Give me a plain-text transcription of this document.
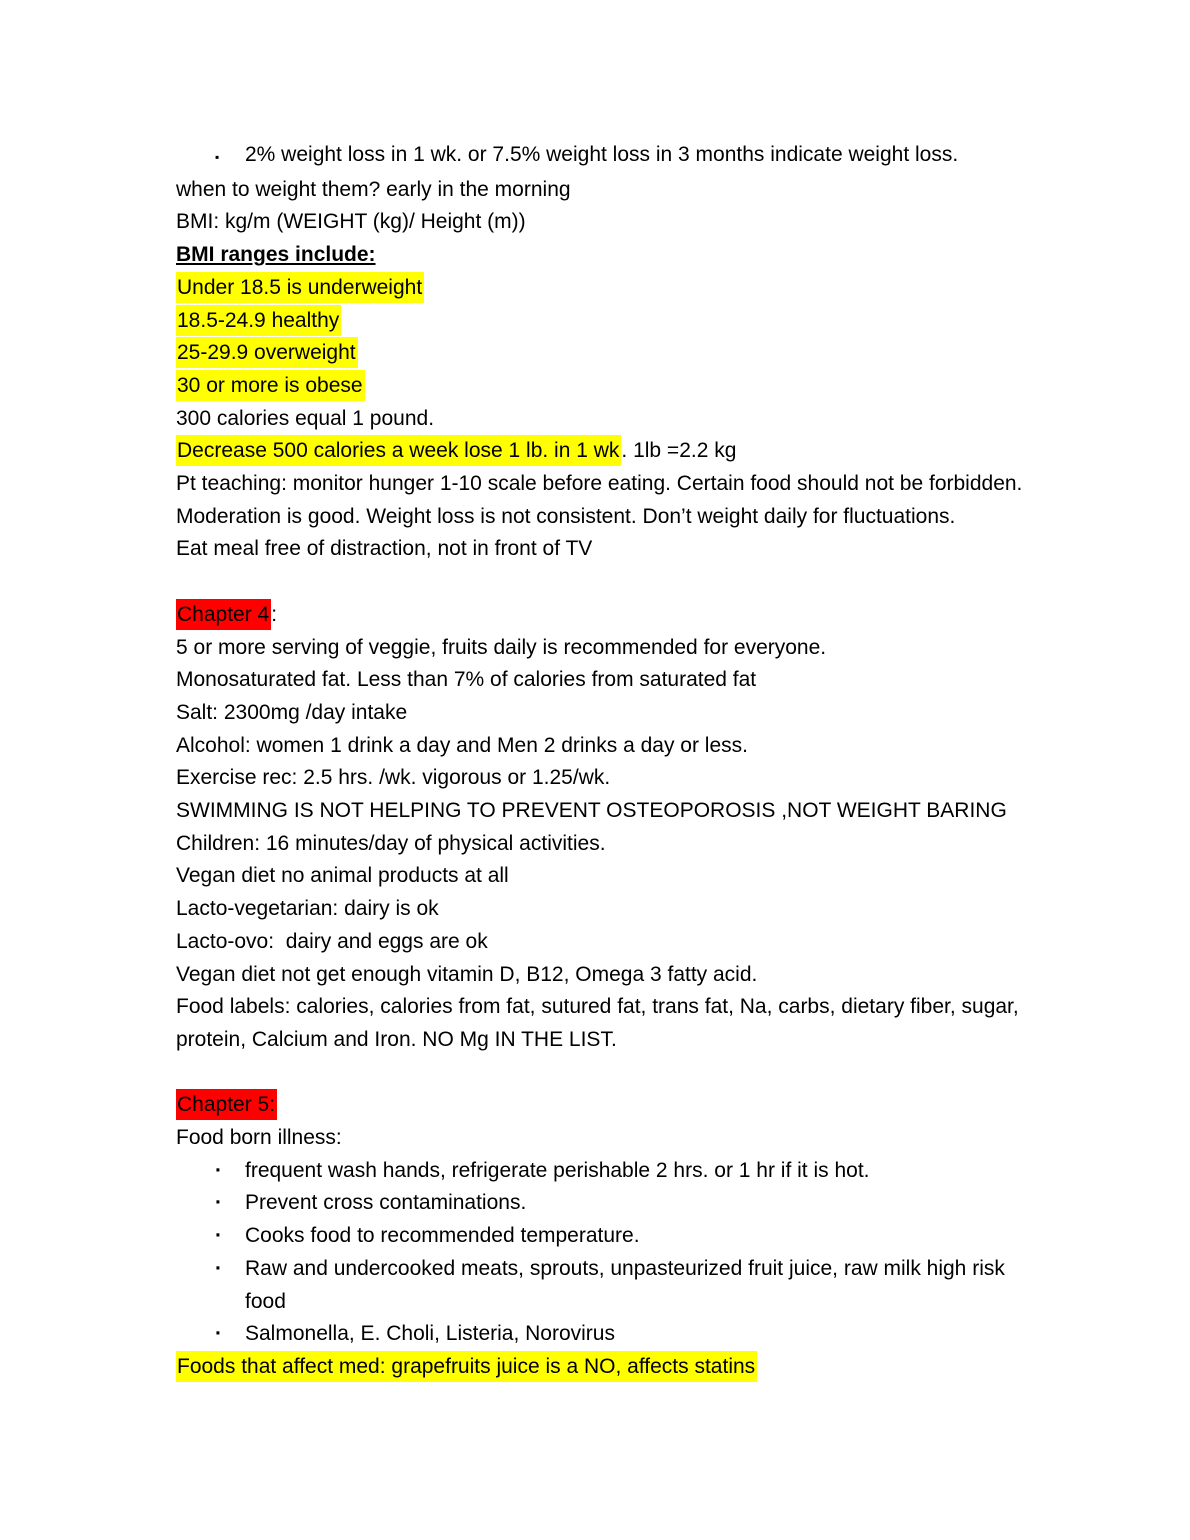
▪ 2% weight loss in 1 wk. or 7.5% weight loss in 3 months indicate weight loss.
when to weight them? early in the morning
BMI: kg/m (WEIGHT (kg)/ Height (m))
BMI ranges include:
Under 18.5 is underweight
18.5-24.9 healthy
25-29.9 overweight
30 or more is obese
300 calories equal 1 pound.
Decrease 500 calories a week lose 1 lb. in 1 wk. 1lb =2.2 kg
Pt teaching: monitor hunger 1-10 scale before eating. Certain food should not be forbidden.
Moderation is good. Weight loss is not consistent. Don’t weight daily for fluctuations.
Eat meal free of distraction, not in front of TV
Chapter 4:
5 or more serving of veggie, fruits daily is recommended for everyone.
Monosaturated fat. Less than 7% of calories from saturated fat
Salt: 2300mg /day intake
Alcohol: women 1 drink a day and Men 2 drinks a day or less.
Exercise rec: 2.5 hrs. /wk. vigorous or 1.25/wk.
SWIMMING IS NOT HELPING TO PREVENT OSTEOPOROSIS ,NOT WEIGHT BARING
Children: 16 minutes/day of physical activities.
Vegan diet no animal products at all
Lacto-vegetarian: dairy is ok
Lacto-ovo:  dairy and eggs are ok
Vegan diet not get enough vitamin D, B12, Omega 3 fatty acid.
Food labels: calories, calories from fat, sutured fat, trans fat, Na, carbs, dietary fiber, sugar,
protein, Calcium and Iron. NO Mg IN THE LIST.
Chapter 5:
Food born illness:
· frequent wash hands, refrigerate perishable 2 hrs. or 1 hr if it is hot.
· Prevent cross contaminations.
· Cooks food to recommended temperature.
· Raw and undercooked meats, sprouts, unpasteurized fruit juice, raw milk high risk
food
· Salmonella, E. Choli, Listeria, Norovirus
Foods that affect med: grapefruits juice is a NO, affects statins
